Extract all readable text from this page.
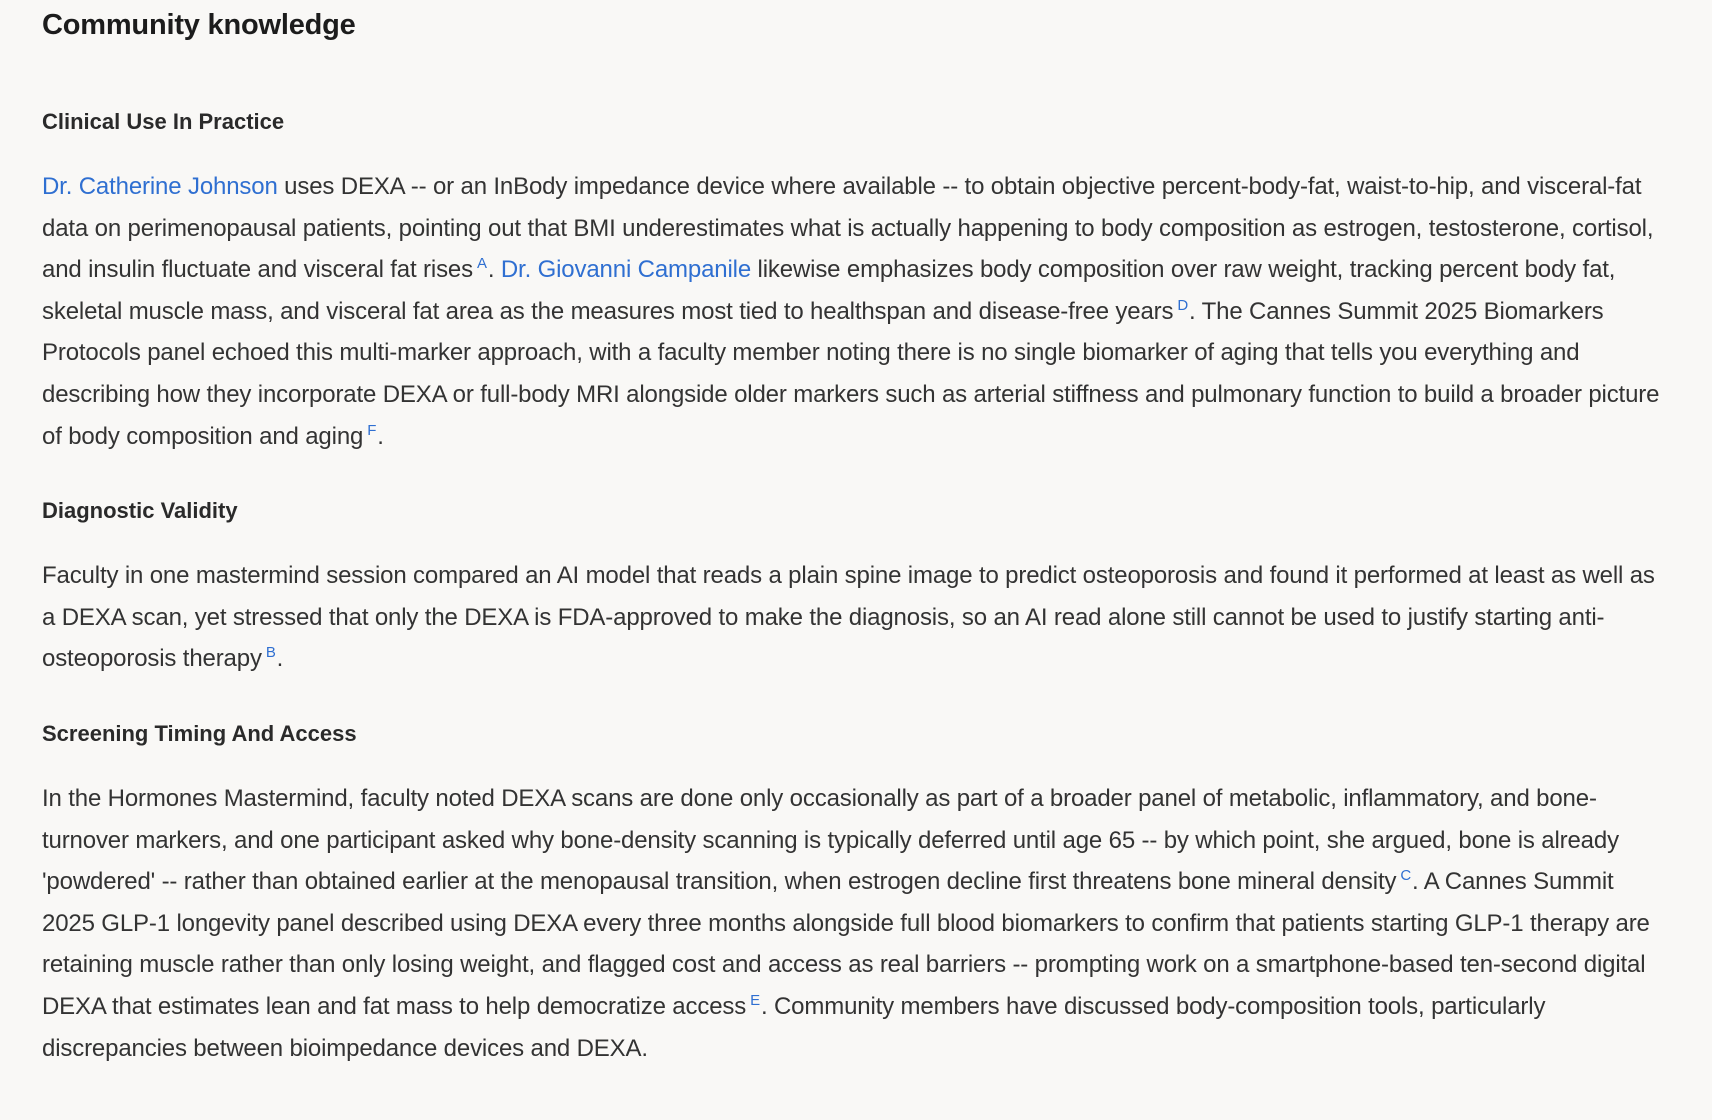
Community knowledge
Clinical Use In Practice

Dr. Catherine Johnson uses DEXA -- or an InBody impedance device where available -- to obtain objective percent-body-fat, waist-to-hip, and visceral-fat data on perimenopausal patients, pointing out that BMI underestimates what is actually happening to body composition as estrogen, testosterone, cortisol, and insulin fluctuate and visceral fat rises $^A$. Dr. Giovanni Campanile likewise emphasizes body composition over raw weight, tracking percent body fat, skeletal muscle mass, and visceral fat area as the measures most tied to healthspan and disease-free years $^D$. The Cannes Summit 2025 Biomarkers Protocols panel echoed this multi-marker approach, with a faculty member noting there is no single biomarker of aging that tells you everything and describing how they incorporate DEXA or full-body MRI alongside older markers such as arterial stiffness and pulmonary function to build a broader picture of body composition and aging $^F$.

Diagnostic Validity

Faculty in one mastermind session compared an AI model that reads a plain spine image to predict osteoporosis and found it performed at least as well as a DEXA scan, yet stressed that only the DEXA is FDA-approved to make the diagnosis, so an AI read alone still cannot be used to justify starting anti-osteoporosis therapy $^B$.

Screening Timing And Access

In the Hormones Mastermind, faculty noted DEXA scans are done only occasionally as part of a broader panel of metabolic, inflammatory, and bone-turnover markers, and one participant asked why bone-density scanning is typically deferred until age 65 -- by which point, she argued, bone is already 'powdered' -- rather than obtained earlier at the menopausal transition, when estrogen decline first threatens bone mineral density $^C$. A Cannes Summit 2025 GLP-1 longevity panel described using DEXA every three months alongside full blood biomarkers to confirm that patients starting GLP-1 therapy are retaining muscle rather than only losing weight, and flagged cost and access as real barriers -- prompting work on a smartphone-based ten-second digital DEXA that estimates lean and fat mass to help democratize access $^E$. Community members have discussed body-composition tools, particularly discrepancies between bioimpedance devices and DEXA.
